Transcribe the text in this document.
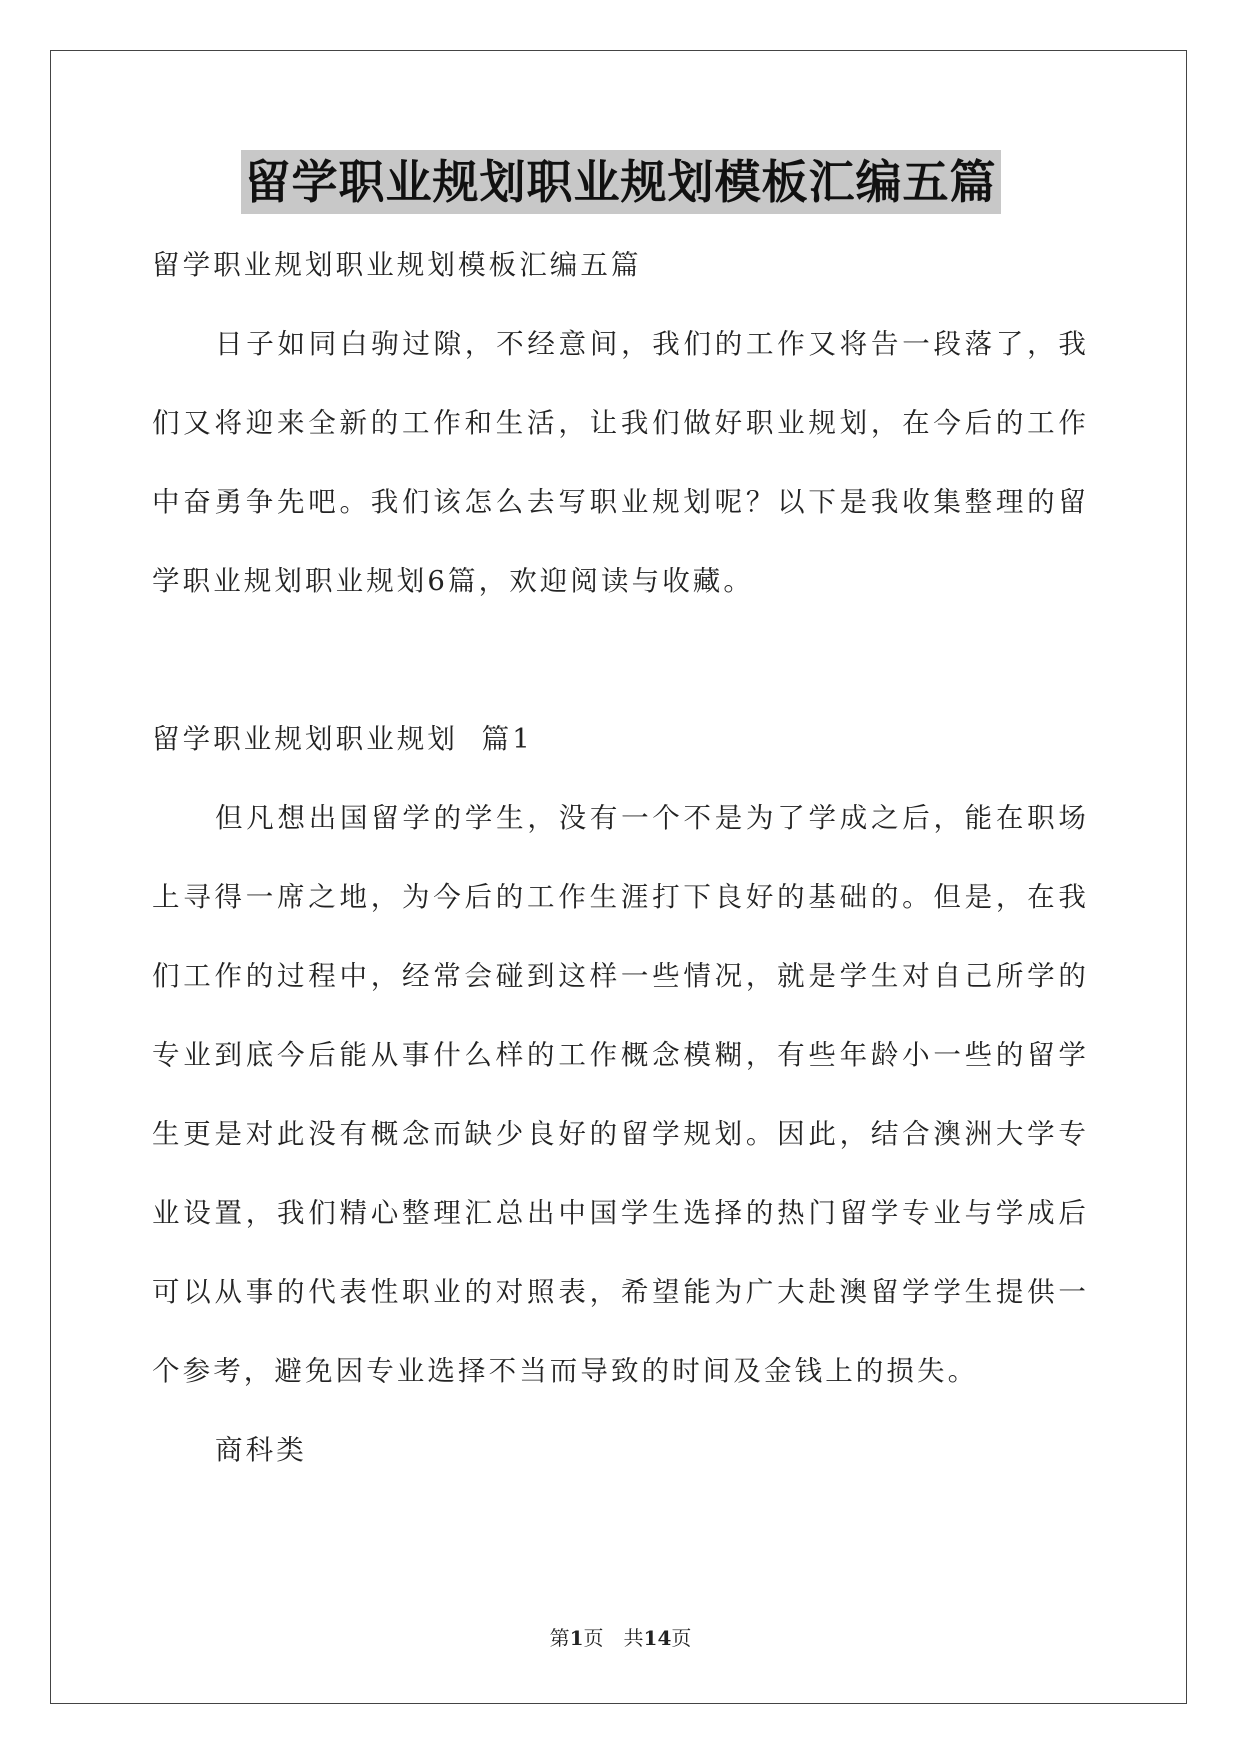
留学职业规划职业规划模板汇编五篇
留学职业规划职业规划模板汇编五篇
日子如同白驹过隙，不经意间，我们的工作又将告一段落了，我
们又将迎来全新的工作和生活，让我们做好职业规划，在今后的工作
中奋勇争先吧。我们该怎么去写职业规划呢？以下是我收集整理的留
学职业规划职业规划6篇，欢迎阅读与收藏。
留学职业规划职业规划  篇1
但凡想出国留学的学生，没有一个不是为了学成之后，能在职场
上寻得一席之地，为今后的工作生涯打下良好的基础的。但是，在我
们工作的过程中，经常会碰到这样一些情况，就是学生对自己所学的
专业到底今后能从事什么样的工作概念模糊，有些年龄小一些的留学
生更是对此没有概念而缺少良好的留学规划。因此，结合澳洲大学专
业设置，我们精心整理汇总出中国学生选择的热门留学专业与学成后
可以从事的代表性职业的对照表，希望能为广大赴澳留学学生提供一
个参考，避免因专业选择不当而导致的时间及金钱上的损失。
商科类
第1页　共14页
